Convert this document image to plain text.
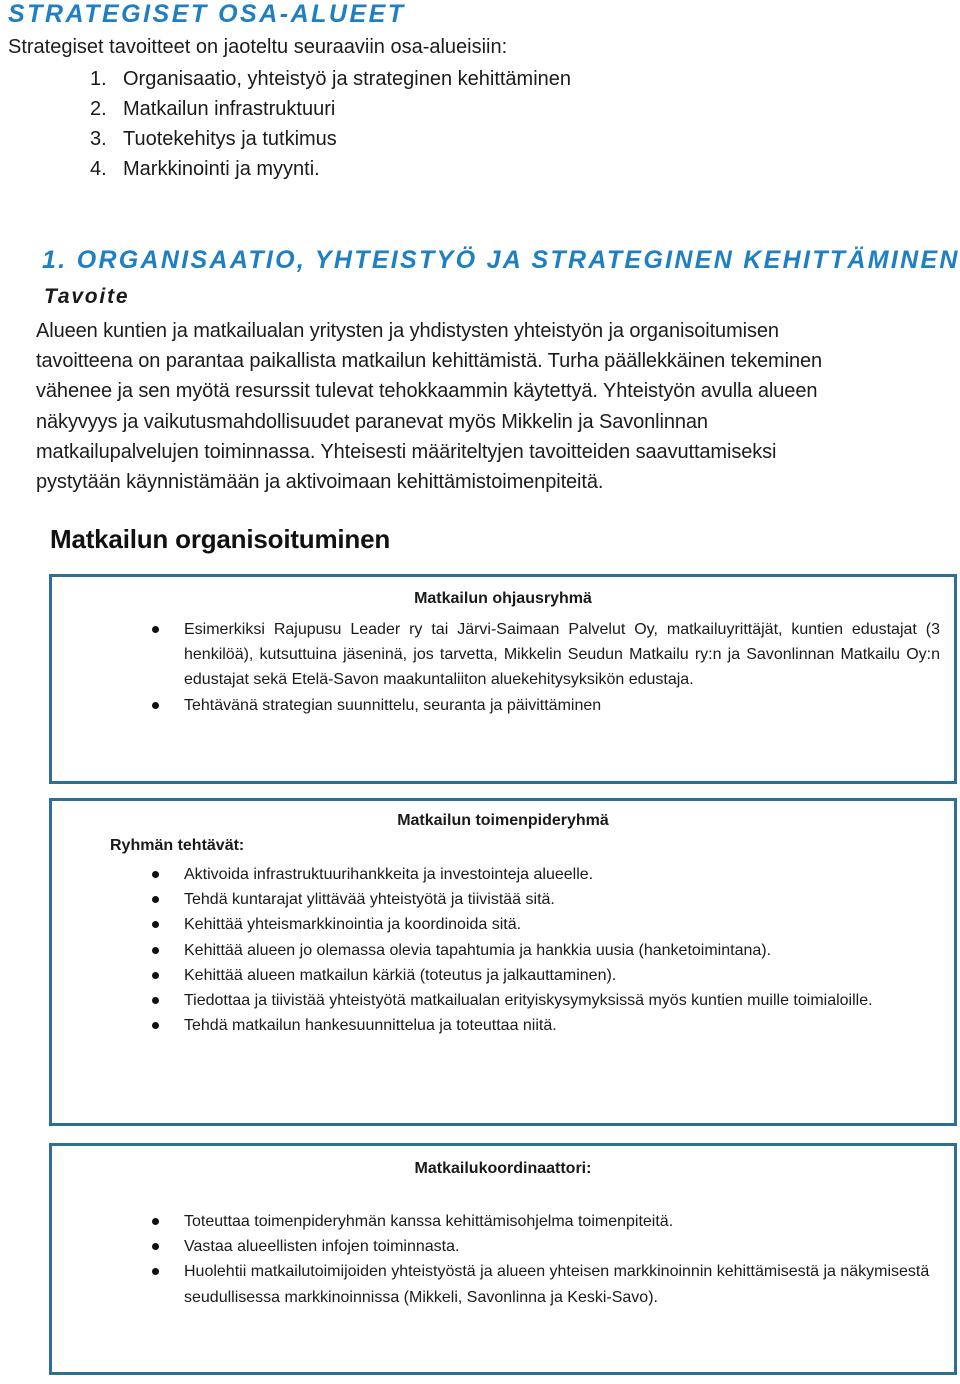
STRATEGISET OSA-ALUEET

Strategiset tavoitteet on jaoteltu seuraaviin osa-alueisiin:

1. Organisaatio, yhteistyö ja strateginen kehittäminen
2. Matkailun infrastruktuuri
3. Tuotekehitys ja tutkimus
4. Markkinointi ja myynti.
1. ORGANISAATIO, YHTEISTYÖ JA STRATEGINEN KEHITTÄMINEN
Tavoite
Alueen kuntien ja matkailualan yritysten ja yhdistysten yhteistyön ja organisoitumisen
tavoitteena on parantaa paikallista matkailun kehittämistä. Turha päällekkäinen tekeminen
vähenee ja sen myötä resurssit tulevat tehokkaammin käytettyä. Yhteistyön avulla alueen
näkyvyys ja vaikutusmahdollisuudet paranevat myös Mikkelin ja Savonlinnan
matkailupalvelujen toiminnassa. Yhteisesti määriteltyjen tavoitteiden saavuttamiseksi
pystytään käynnistämään ja aktivoimaan kehittämistoimenpiteitä.
Matkailun organisoituminen
Matkailun ohjausryhmä
Esimerkiksi Rajupusu Leader ry tai Järvi-Saimaan Palvelut Oy, matkailuyrittäjät, kuntien edustajat (3 henkilöä), kutsuttuina jäseninä, jos tarvetta, Mikkelin Seudun Matkailu ry:n ja Savonlinnan Matkailu Oy:n edustajat sekä Etelä-Savon maakuntaliiton aluekehitysyksikön edustaja.
Tehtävänä strategian suunnittelu, seuranta ja päivittäminen
Matkailun toimenpideryhmä
Ryhmän tehtävät:
Aktivoida infrastruktuurihankkeita ja investointeja alueelle.
Tehdä kuntarajat ylittävää yhteistyötä ja tiivistää sitä.
Kehittää yhteismarkkinointia ja koordinoida sitä.
Kehittää alueen jo olemassa olevia tapahtumia ja hankkia uusia (hanketoimintana).
Kehittää alueen matkailun kärkiä (toteutus ja jalkauttaminen).
Tiedottaa ja tiivistää yhteistyötä matkailualan erityiskysymyksissä myös kuntien muille toimialoille.
Tehdä matkailun hankesuunnittelua ja toteuttaa niitä.
Matkailukoordinaattori:
Toteuttaa toimenpideryhmän kanssa kehittämisohjelma toimenpiteitä.
Vastaa alueellisten infojen toiminnasta.
Huolehtii matkailutoimijoiden yhteistyöstä ja alueen yhteisen markkinoinnin kehittämisestä ja näkymisestä seudullisessa markkinoinnissa (Mikkeli, Savonlinna ja Keski-Savo).
